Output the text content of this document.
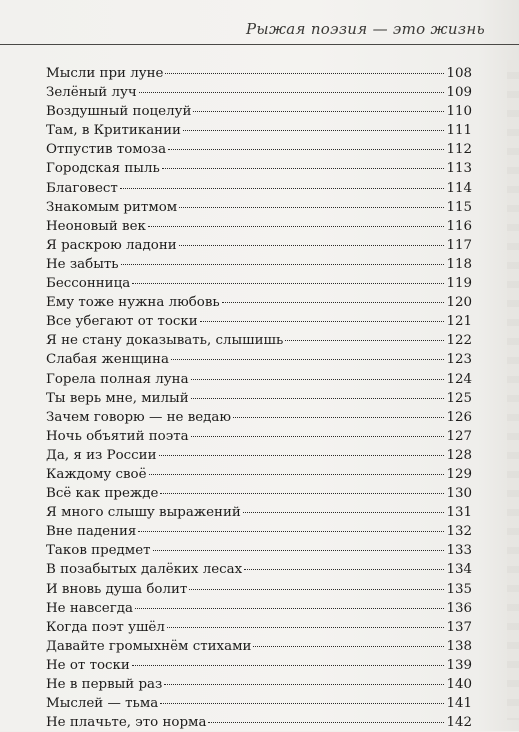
Рыжая поэзия — это жизнь
Мысли при луне	108
Зелёный луч	109
Воздушный поцелуй	110
Там, в Критикании	111
Отпустив томоза	112
Городская пыль	113
Благовест	114
Знакомым ритмом	115
Неоновый век	116
Я раскрою ладони	117
Не забыть	118
Бессонница	119
Ему тоже нужна любовь	120
Все убегают от тоски	121
Я не стану доказывать, слышишь	122
Слабая женщина	123
Горела полная луна	124
Ты верь мне, милый	125
Зачем говорю — не ведаю	126
Ночь объятий поэта	127
Да, я из России	128
Каждому своё	129
Всё как прежде	130
Я много слышу выражений	131
Вне падения	132
Таков предмет	133
В позабытых далёких лесах	134
И вновь душа болит	135
Не навсегда	136
Когда поэт ушёл	137
Давайте громыхнём стихами	138
Не от тоски	139
Не в первый раз	140
Мыслей — тьма	141
Не плачьте, это норма	142
